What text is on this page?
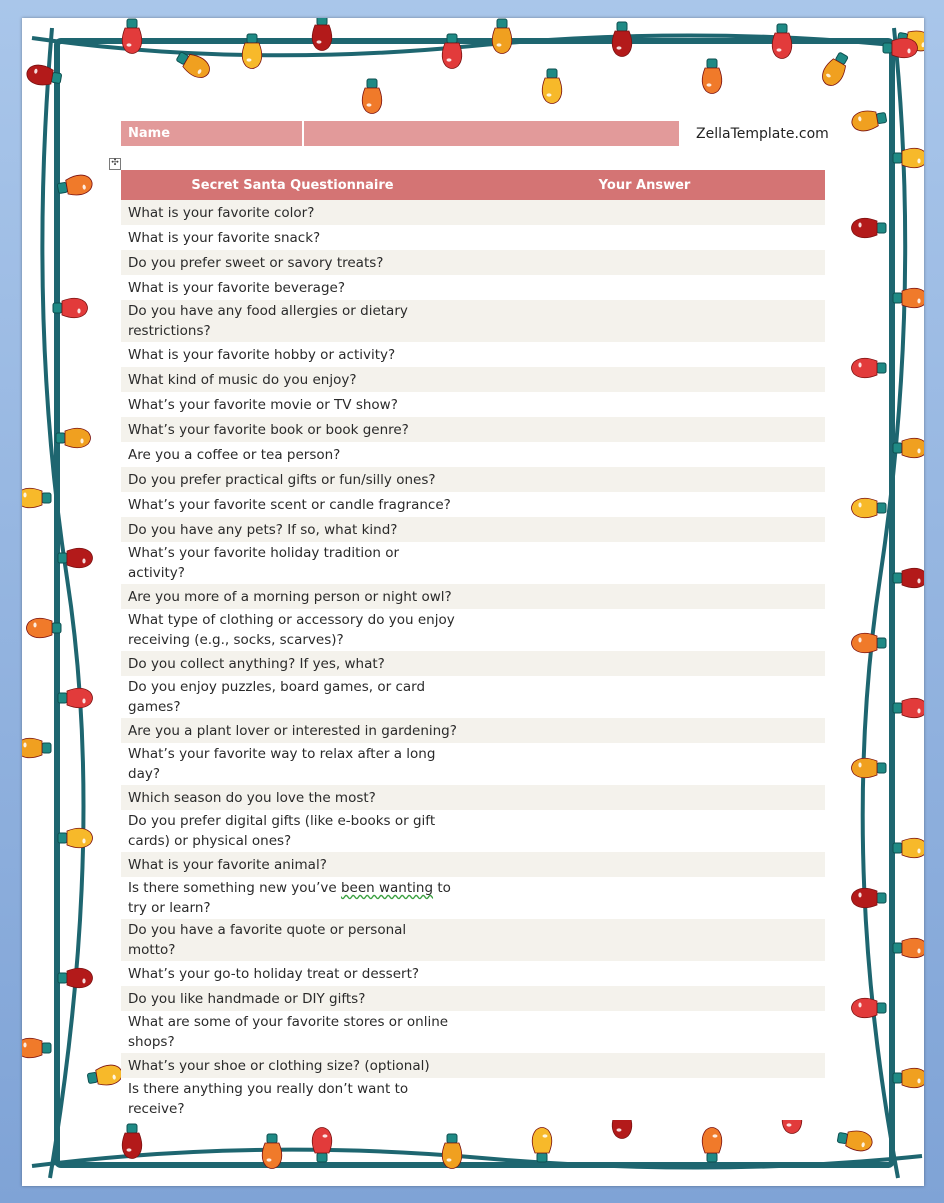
Name	ZellaTemplate.com
✣
Secret Santa Questionnaire	Your Answer
What is your favorite color?	
What is your favorite snack?	
Do you prefer sweet or savory treats?	
What is your favorite beverage?	
Do you have any food allergies or dietary restrictions?	
What is your favorite hobby or activity?	
What kind of music do you enjoy?	
What’s your favorite movie or TV show?	
What’s your favorite book or book genre?	
Are you a coffee or tea person?	
Do you prefer practical gifts or fun/silly ones?	
What’s your favorite scent or candle fragrance?	
Do you have any pets? If so, what kind?	
What’s your favorite holiday tradition or activity?	
Are you more of a morning person or night owl?	
What type of clothing or accessory do you enjoy receiving (e.g., socks, scarves)?	
Do you collect anything? If yes, what?	
Do you enjoy puzzles, board games, or card games?	
Are you a plant lover or interested in gardening?	
What’s your favorite way to relax after a long day?	
Which season do you love the most?	
Do you prefer digital gifts (like e-books or gift cards) or physical ones?	
What is your favorite animal?	
Is there something new you’ve been wanting to try or learn?	
Do you have a favorite quote or personal motto?	
What’s your go-to holiday treat or dessert?	
Do you like handmade or DIY gifts?	
What are some of your favorite stores or online shops?	
What’s your shoe or clothing size? (optional)	
Is there anything you really don’t want to receive?	
